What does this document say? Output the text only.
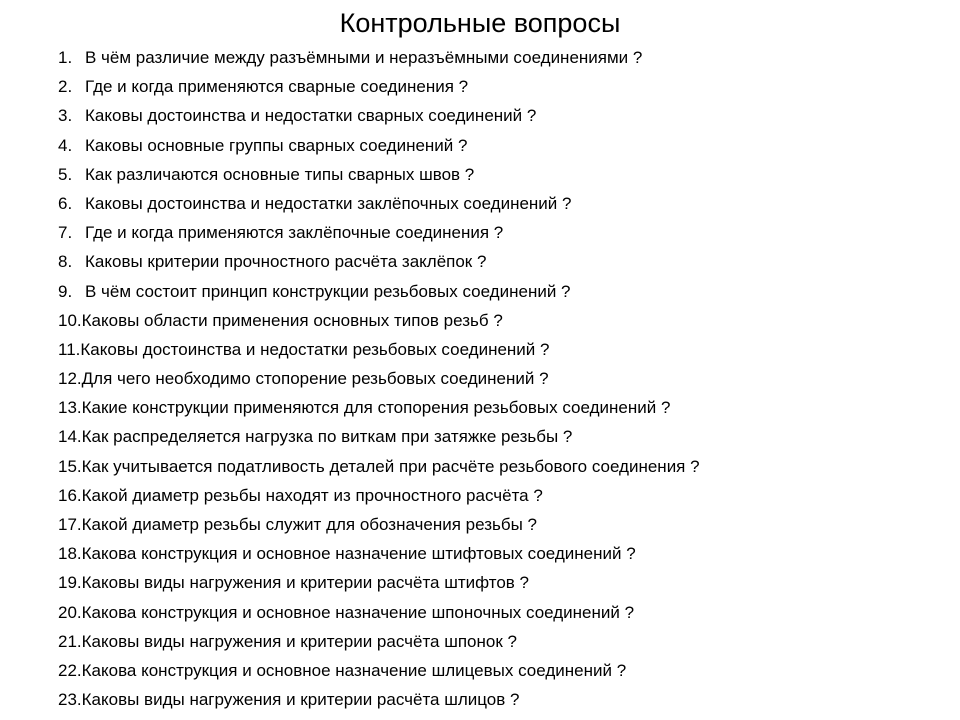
Контрольные вопросы
1. В чём различие между разъёмными и неразъёмными соединениями ?
2. Где и когда применяются сварные соединения ?
3. Каковы достоинства и недостатки сварных соединений ?
4. Каковы основные группы сварных соединений ?
5. Как различаются основные типы сварных швов ?
6. Каковы достоинства и недостатки заклёпочных соединений ?
7. Где и когда применяются заклёпочные соединения ?
8. Каковы критерии прочностного расчёта заклёпок ?
9. В чём состоит принцип конструкции резьбовых соединений ?
10. Каковы области применения основных типов резьб ?
11. Каковы достоинства и недостатки резьбовых соединений ?
12. Для чего необходимо стопорение резьбовых соединений ?
13. Какие конструкции применяются для стопорения резьбовых соединений ?
14. Как распределяется нагрузка по виткам при затяжке резьбы ?
15. Как учитывается податливость деталей при расчёте резьбового соединения ?
16. Какой диаметр резьбы находят из прочностного расчёта ?
17. Какой диаметр резьбы служит для обозначения резьбы ?
18. Какова конструкция и основное назначение штифтовых соединений ?
19. Каковы виды нагружения и критерии расчёта штифтов ?
20. Какова конструкция и основное назначение шпоночных соединений ?
21. Каковы виды нагружения и критерии расчёта шпонок ?
22. Какова конструкция и основное назначение шлицевых соединений ?
23. Каковы виды нагружения и критерии расчёта шлицов ?
